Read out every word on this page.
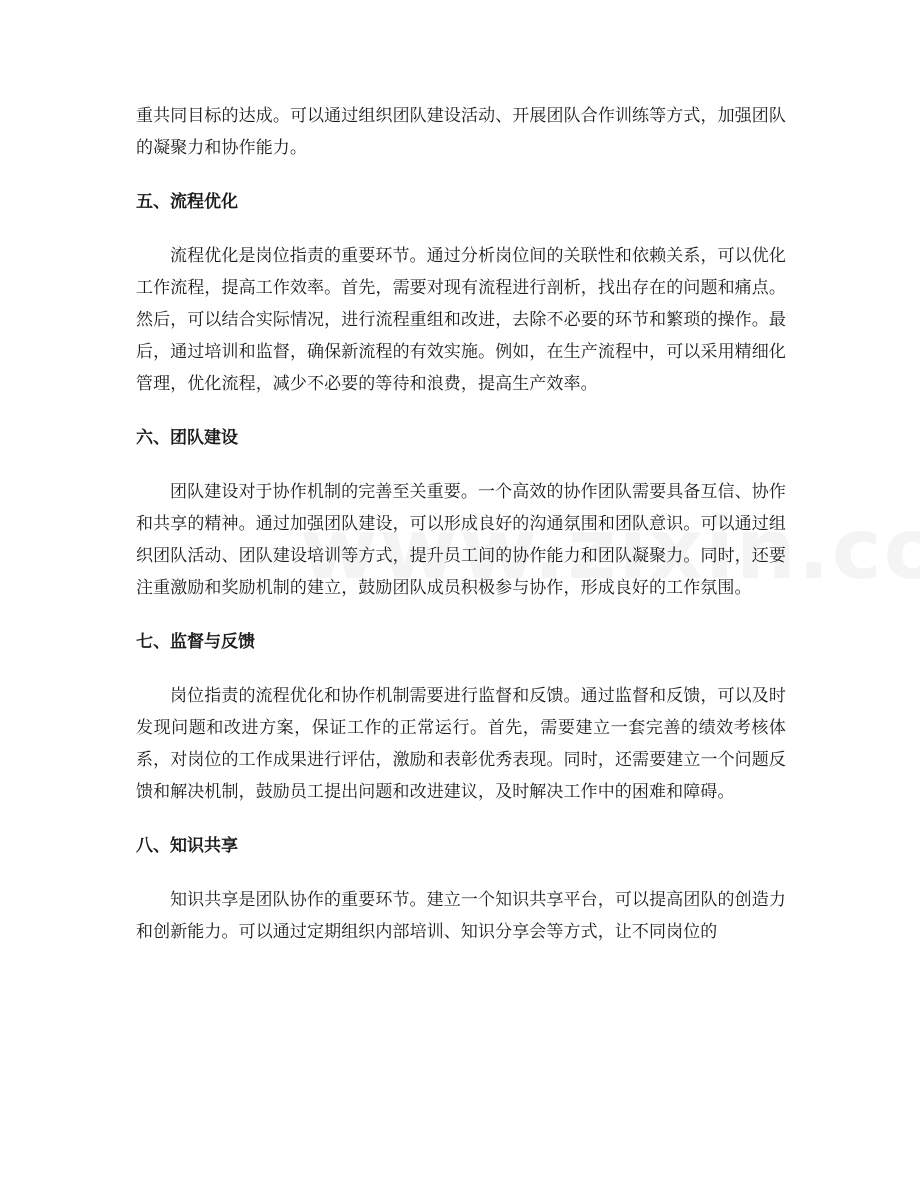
重共同目标的达成。可以通过组织团队建设活动、开展团队合作训练等方式，加强团队的凝聚力和协作能力。

五、流程优化

流程优化是岗位指责的重要环节。通过分析岗位间的关联性和依赖关系，可以优化工作流程，提高工作效率。首先，需要对现有流程进行剖析，找出存在的问题和痛点。然后，可以结合实际情况，进行流程重组和改进，去除不必要的环节和繁琐的操作。最后，通过培训和监督，确保新流程的有效实施。例如，在生产流程中，可以采用精细化管理，优化流程，减少不必要的等待和浪费，提高生产效率。

六、团队建设

团队建设对于协作机制的完善至关重要。一个高效的协作团队需要具备互信、协作和共享的精神。通过加强团队建设，可以形成良好的沟通氛围和团队意识。可以通过组织团队活动、团队建设培训等方式，提升员工间的协作能力和团队凝聚力。同时，还要注重激励和奖励机制的建立，鼓励团队成员积极参与协作，形成良好的工作氛围。

七、监督与反馈

岗位指责的流程优化和协作机制需要进行监督和反馈。通过监督和反馈，可以及时发现问题和改进方案，保证工作的正常运行。首先，需要建立一套完善的绩效考核体系，对岗位的工作成果进行评估，激励和表彰优秀表现。同时，还需要建立一个问题反馈和解决机制，鼓励员工提出问题和改进建议，及时解决工作中的困难和障碍。

八、知识共享

知识共享是团队协作的重要环节。建立一个知识共享平台，可以提高团队的创造力和创新能力。可以通过定期组织内部培训、知识分享会等方式，让不同岗位的
